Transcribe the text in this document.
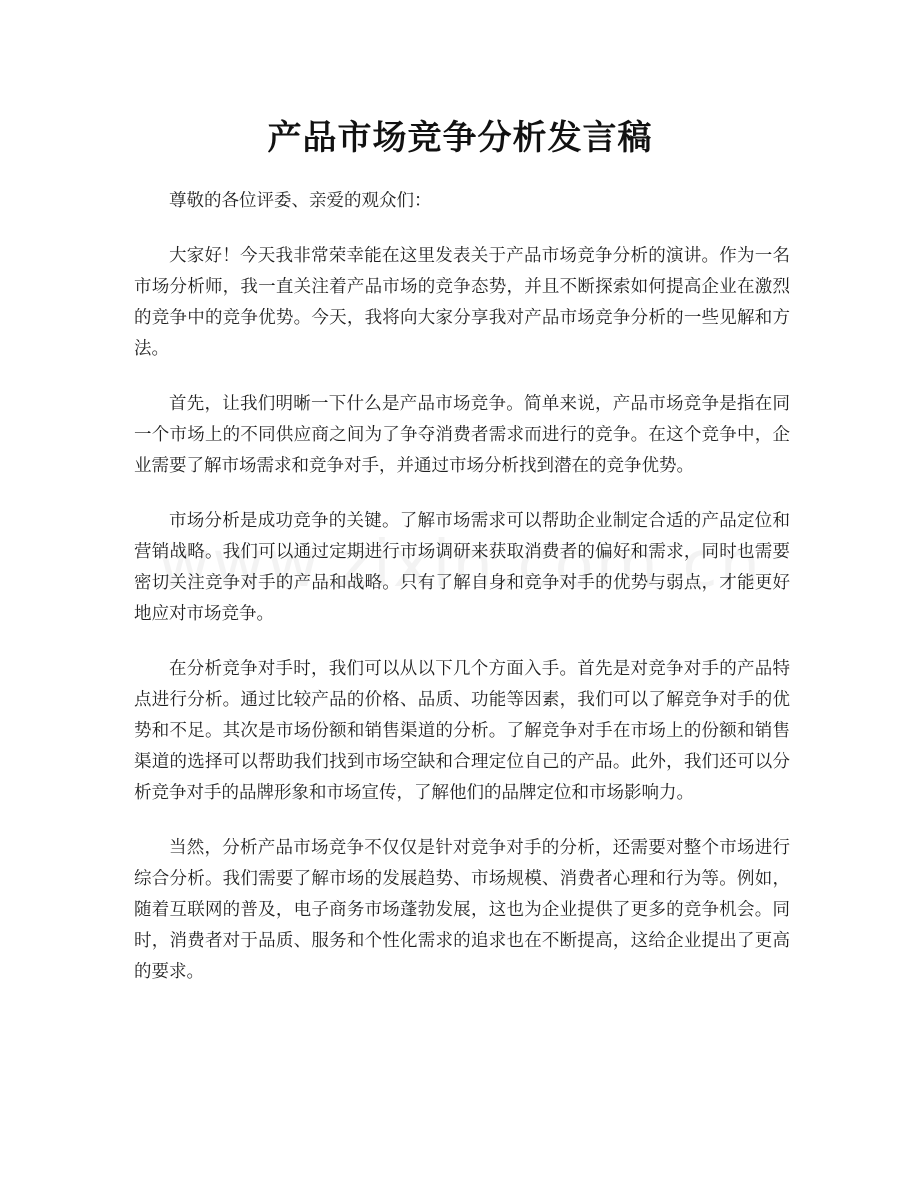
产品市场竞争分析发言稿

尊敬的各位评委、亲爱的观众们：

大家好！今天我非常荣幸能在这里发表关于产品市场竞争分析的演讲。作为一名市场分析师，我一直关注着产品市场的竞争态势，并且不断探索如何提高企业在激烈的竞争中的竞争优势。今天，我将向大家分享我对产品市场竞争分析的一些见解和方法。

首先，让我们明晰一下什么是产品市场竞争。简单来说，产品市场竞争是指在同一个市场上的不同供应商之间为了争夺消费者需求而进行的竞争。在这个竞争中，企业需要了解市场需求和竞争对手，并通过市场分析找到潜在的竞争优势。

市场分析是成功竞争的关键。了解市场需求可以帮助企业制定合适的产品定位和营销战略。我们可以通过定期进行市场调研来获取消费者的偏好和需求，同时也需要密切关注竞争对手的产品和战略。只有了解自身和竞争对手的优势与弱点，才能更好地应对市场竞争。

在分析竞争对手时，我们可以从以下几个方面入手。首先是对竞争对手的产品特点进行分析。通过比较产品的价格、品质、功能等因素，我们可以了解竞争对手的优势和不足。其次是市场份额和销售渠道的分析。了解竞争对手在市场上的份额和销售渠道的选择可以帮助我们找到市场空缺和合理定位自己的产品。此外，我们还可以分析竞争对手的品牌形象和市场宣传，了解他们的品牌定位和市场影响力。

当然，分析产品市场竞争不仅仅是针对竞争对手的分析，还需要对整个市场进行综合分析。我们需要了解市场的发展趋势、市场规模、消费者心理和行为等。例如，随着互联网的普及，电子商务市场蓬勃发展，这也为企业提供了更多的竞争机会。同时，消费者对于品质、服务和个性化需求的追求也在不断提高，这给企业提出了更高的要求。
